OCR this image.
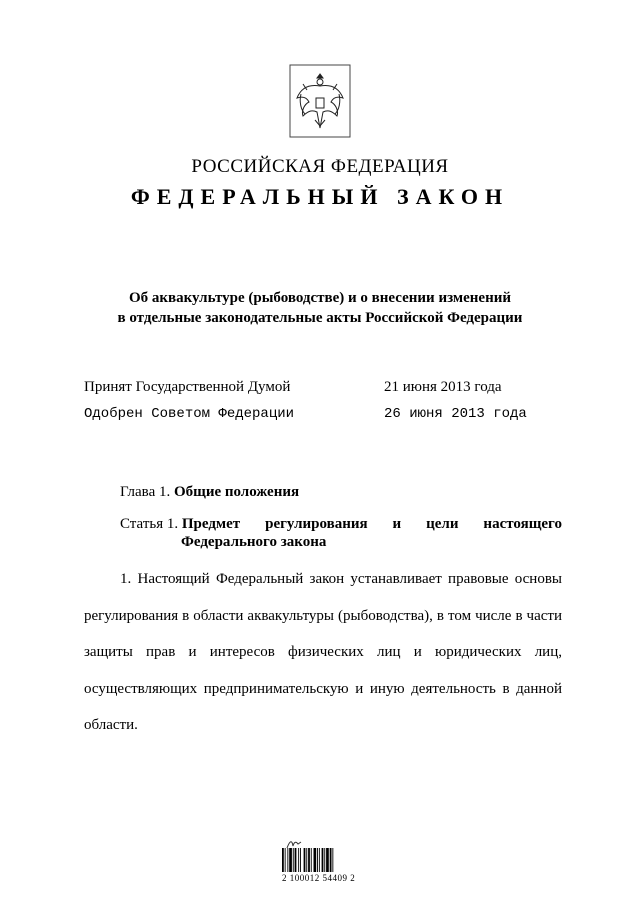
РОССИЙСКАЯ ФЕДЕРАЦИЯ
ФЕДЕРАЛЬНЫЙ ЗАКОН
Об аквакультуре (рыбоводстве) и о внесении изменений
в отдельные законодательные акты Российской Федерации
Принят Государственной Думой	21 июня 2013 года
Одобрен Советом Федерации	26 июня 2013 года
Глава 1. Общие положения
Статья 1. Предмет регулирования и цели настоящего
Федерального закона
1. Настоящий Федеральный закон устанавливает правовые основы
регулирования в области аквакультуры (рыбоводства), в том числе в части
защиты прав и интересов физических лиц и юридических лиц,
осуществляющих предпринимательскую и иную деятельность в данной
области.
2 100012 54409 2
